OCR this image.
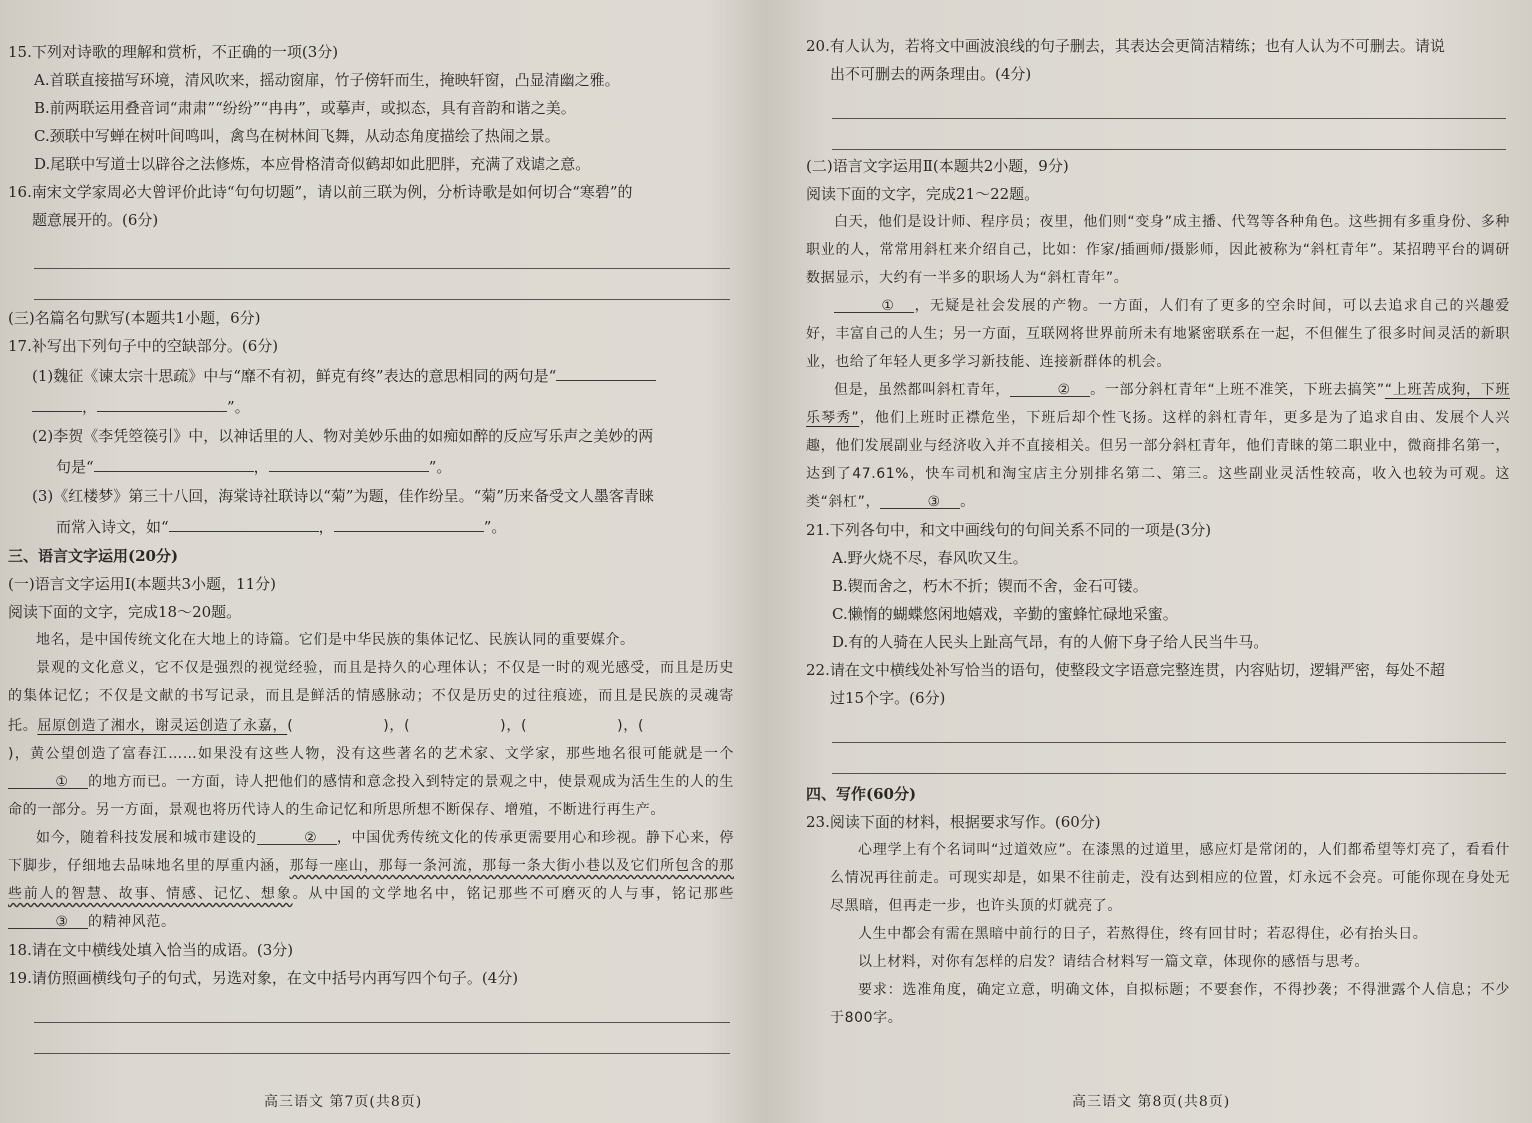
15.下列对诗歌的理解和赏析，不正确的一项(3分)
A.首联直接描写环境，清风吹来，摇动窗扉，竹子傍轩而生，掩映轩窗，凸显清幽之雅。
B.前两联运用叠音词“肃肃”“纷纷”“冉冉”，或摹声，或拟态，具有音韵和谐之美。
C.颈联中写蝉在树叶间鸣叫，禽鸟在树林间飞舞，从动态角度描绘了热闹之景。
D.尾联中写道士以辟谷之法修炼，本应骨格清奇似鹤却如此肥胖，充满了戏谑之意。
16.南宋文学家周必大曾评价此诗“句句切题”，请以前三联为例，分析诗歌是如何切合“寒碧”的
题意展开的。(6分)
(三)名篇名句默写(本题共1小题，6分)
17.补写出下列句子中的空缺部分。(6分)
(1)魏征《谏太宗十思疏》中与“靡不有初，鲜克有终”表达的意思相同的两句是“
，	”。
(2)李贺《李凭箜篌引》中，以神话里的人、物对美妙乐曲的如痴如醉的反应写乐声之美妙的两
句是“	，	”。
(3)《红楼梦》第三十八回，海棠诗社联诗以“菊”为题，佳作纷呈。“菊”历来备受文人墨客青睐
而常入诗文，如“	，	”。
三、语言文字运用(20分)
(一)语言文字运用Ⅰ(本题共3小题，11分)
阅读下面的文字，完成18～20题。
地名，是中国传统文化在大地上的诗篇。它们是中华民族的集体记忆、民族认同的重要媒介。
景观的文化意义，它不仅是强烈的视觉经验，而且是持久的心理体认；不仅是一时的观光感受，而且是历史的集体记忆；不仅是文献的书写记录，而且是鲜活的情感脉动；不仅是历史的过往痕迹，而且是民族的灵魂寄托。屈原创造了湘水，谢灵运创造了永嘉，(	)，(	)，(	)，()，黄公望创造了富春江……如果没有这些人物，没有这些著名的艺术家、文学家，那些地名很可能就是一个① 的地方而已。一方面，诗人把他们的感情和意念投入到特定的景观之中，使景观成为活生生的人的生命的一部分。另一方面，景观也将历代诗人的生命记忆和所思所想不断保存、增殖，不断进行再生产。
如今，随着科技发展和城市建设的	② ，中国优秀传统文化的传承更需要用心和珍视。静下心来，停下脚步，仔细地去品味地名里的厚重内涵，那每一座山，那每一条河流，那每一条大街小巷以及它们所包含的那些前人的智慧、故事、情感、记忆、想象。从中国的文学地名中，铭记那些不可磨灭的人与事，铭记那些③ 的精神风范。
18.请在文中横线处填入恰当的成语。(3分)
19.请仿照画横线句子的句式，另选对象，在文中括号内再写四个句子。(4分)
高三语文 第7页(共8页)
20.有人认为，若将文中画波浪线的句子删去，其表达会更简洁精练；也有人认为不可删去。请说
出不可删去的两条理由。(4分)
(二)语言文字运用Ⅱ(本题共2小题，9分)
阅读下面的文字，完成21～22题。
白天，他们是设计师、程序员；夜里，他们则“变身”成主播、代驾等各种角色。这些拥有多重身份、多种职业的人，常常用斜杠来介绍自己，比如：作家/插画师/摄影师，因此被称为“斜杠青年”。某招聘平台的调研数据显示，大约有一半多的职场人为“斜杠青年”。
① ，无疑是社会发展的产物。一方面，人们有了更多的空余时间，可以去追求自己的兴趣爱好，丰富自己的人生；另一方面，互联网将世界前所未有地紧密联系在一起，不但催生了很多时间灵活的新职业，也给了年轻人更多学习新技能、连接新群体的机会。
但是，虽然都叫斜杠青年，	② 。一部分斜杠青年“上班不准笑，下班去搞笑”“上班苦成狗，下班乐琴秀”，他们上班时正襟危坐，下班后却个性飞扬。这样的斜杠青年，更多是为了追求自由、发展个人兴趣，他们发展副业与经济收入并不直接相关。但另一部分斜杠青年，他们青睐的第二职业中，微商排名第一，达到了47.61%，快车司机和淘宝店主分别排名第二、第三。这些副业灵活性较高，收入也较为可观。这类“斜杠”，	③ 。
21.下列各句中，和文中画线句的句间关系不同的一项是(3分)
A.野火烧不尽，春风吹又生。
B.锲而舍之，朽木不折；锲而不舍，金石可镂。
C.懒惰的蝴蝶悠闲地嬉戏，辛勤的蜜蜂忙碌地采蜜。
D.有的人骑在人民头上趾高气昂，有的人俯下身子给人民当牛马。
22.请在文中横线处补写恰当的语句，使整段文字语意完整连贯，内容贴切，逻辑严密，每处不超
过15个字。(6分)
四、写作(60分)
23.阅读下面的材料，根据要求写作。(60分)
心理学上有个名词叫“过道效应”。在漆黑的过道里，感应灯是常闭的，人们都希望等灯亮了，看看什么情况再往前走。可现实却是，如果不往前走，没有达到相应的位置，灯永远不会亮。可能你现在身处无尽黑暗，但再走一步，也许头顶的灯就亮了。
人生中都会有需在黑暗中前行的日子，若熬得住，终有回甘时；若忍得住，必有抬头日。
以上材料，对你有怎样的启发？请结合材料写一篇文章，体现你的感悟与思考。
要求：选准角度，确定立意，明确文体，自拟标题；不要套作，不得抄袭；不得泄露个人信息；不少于800字。
高三语文 第8页(共8页)
